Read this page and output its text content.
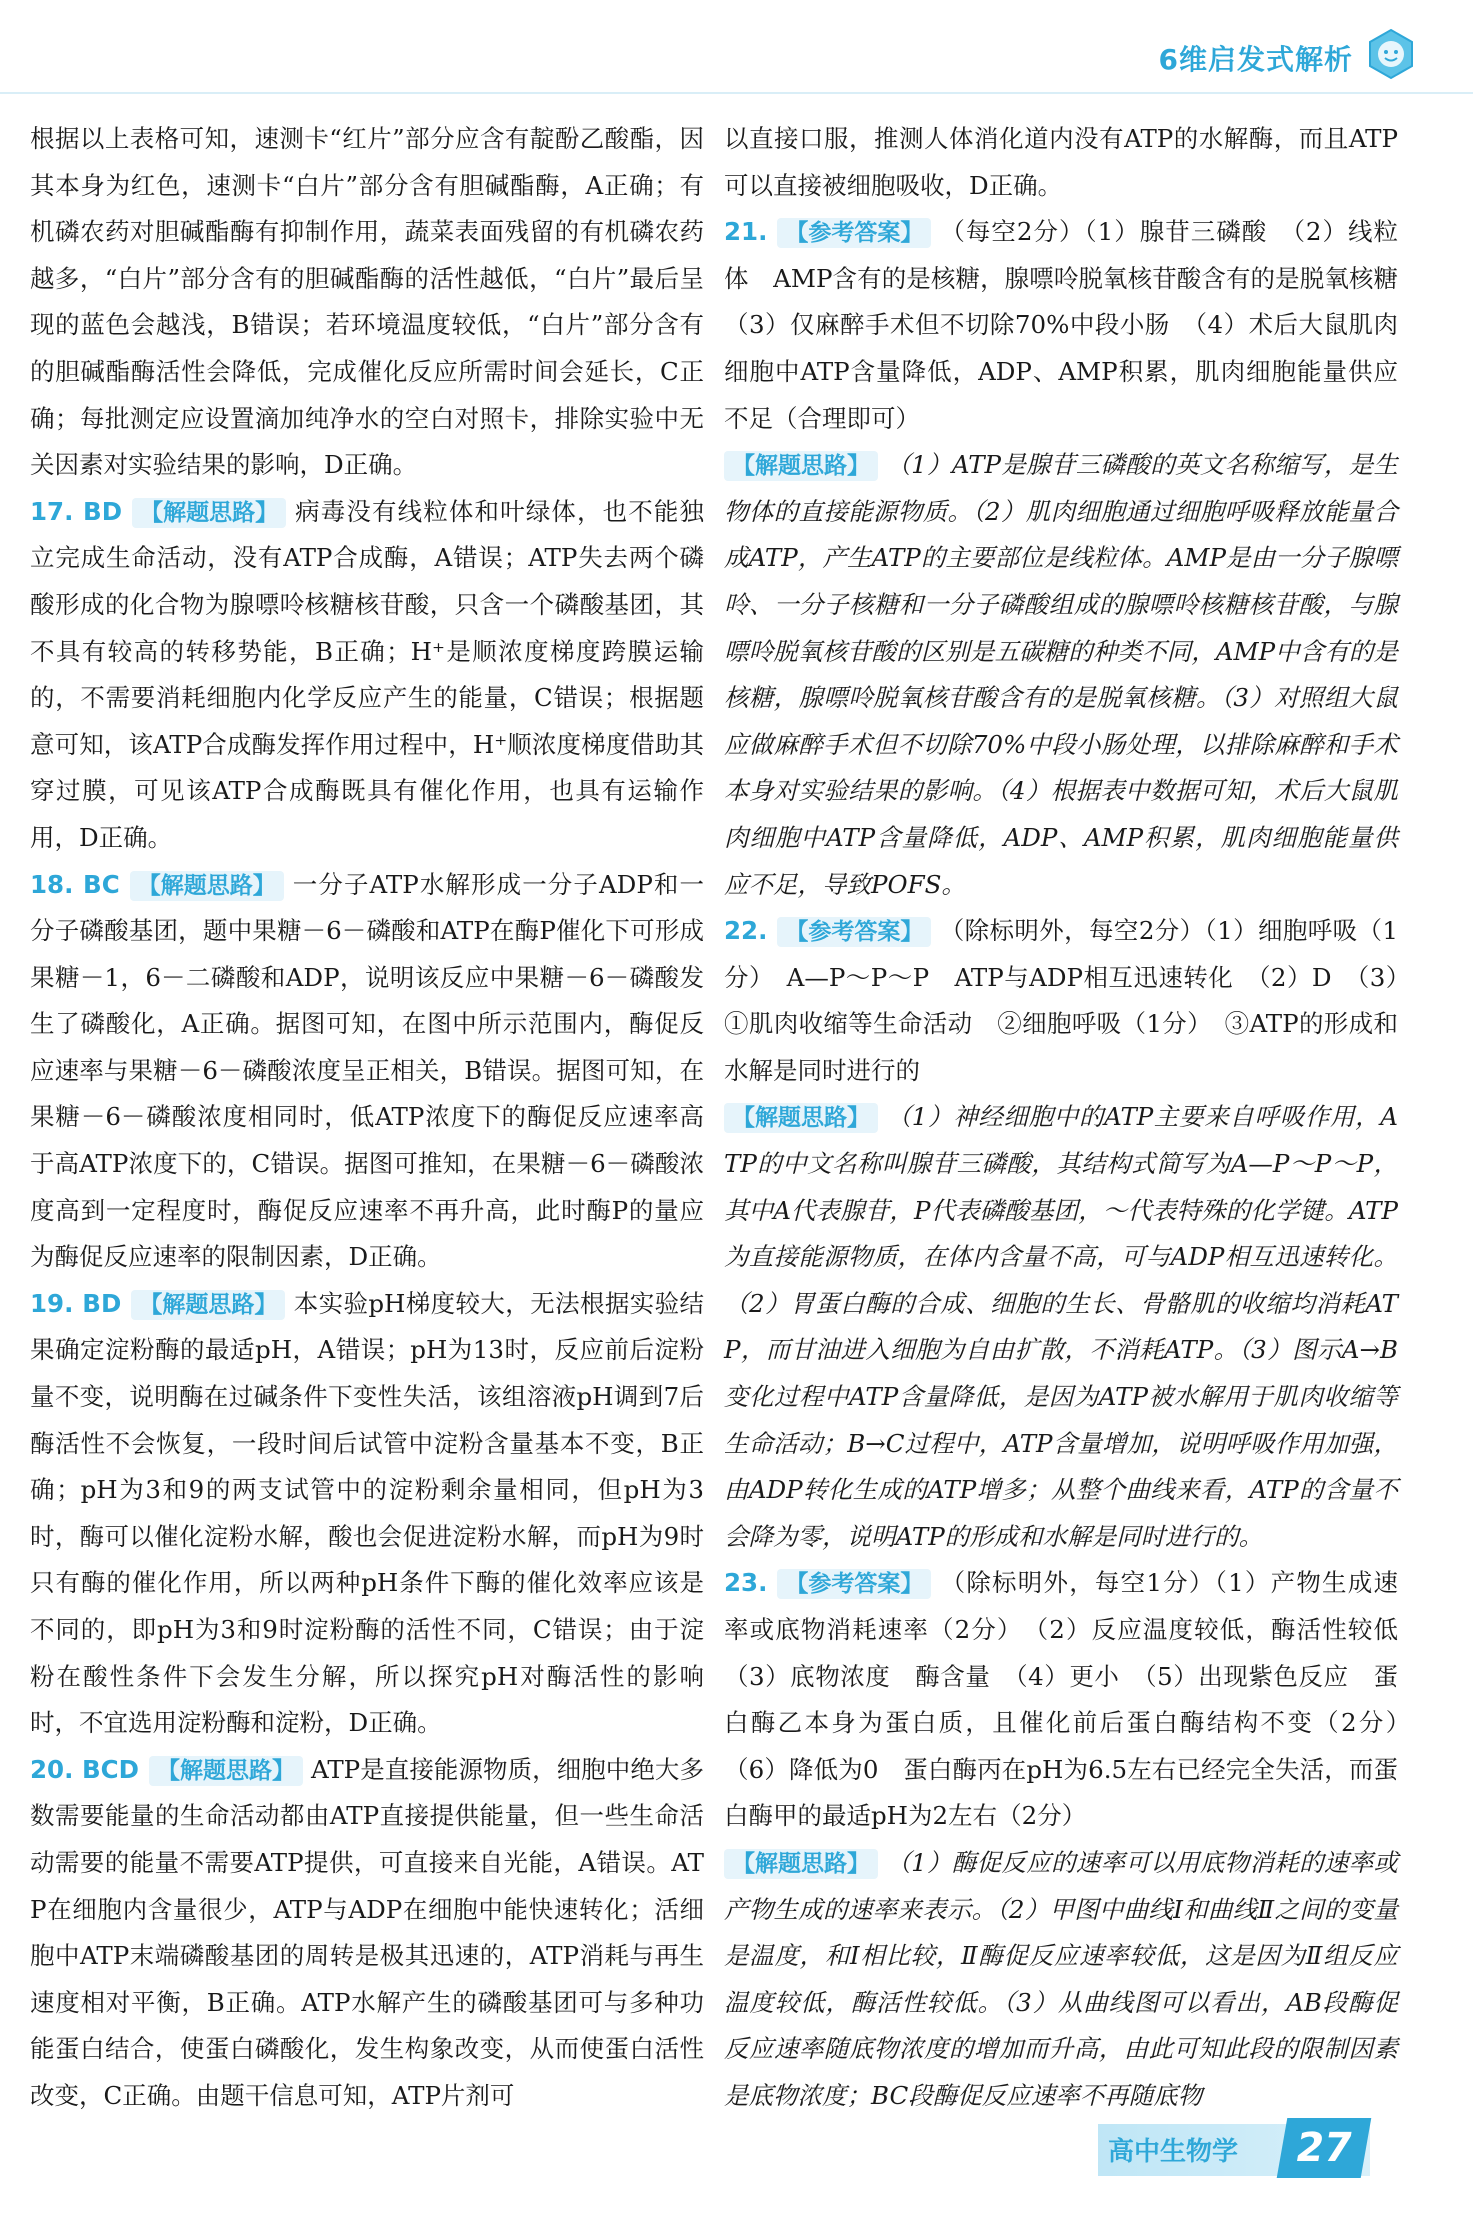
6维启发式解析

根据以上表格可知，速测卡“红片”部分应含有靛酚乙酸酯，因其本身为红色，速测卡“白片”部分含有胆碱酯酶，A正确；有机磷农药对胆碱酯酶有抑制作用，蔬菜表面残留的有机磷农药越多，“白片”部分含有的胆碱酯酶的活性越低，“白片”最后呈现的蓝色会越浅，B错误；若环境温度较低，“白片”部分含有的胆碱酯酶活性会降低，完成催化反应所需时间会延长，C正确；每批测定应设置滴加纯净水的空白对照卡，排除实验中无关因素对实验结果的影响，D正确。

17. BD 【解题思路】 病毒没有线粒体和叶绿体，也不能独立完成生命活动，没有ATP合成酶，A错误；ATP失去两个磷酸形成的化合物为腺嘌呤核糖核苷酸，只含一个磷酸基团，其不具有较高的转移势能，B正确；H⁺是顺浓度梯度跨膜运输的，不需要消耗细胞内化学反应产生的能量，C错误；根据题意可知，该ATP合成酶发挥作用过程中，H⁺顺浓度梯度借助其穿过膜，可见该ATP合成酶既具有催化作用，也具有运输作用，D正确。

18. BC 【解题思路】 一分子ATP水解形成一分子ADP和一分子磷酸基团，题中果糖－6－磷酸和ATP在酶P催化下可形成果糖－1，6－二磷酸和ADP，说明该反应中果糖－6－磷酸发生了磷酸化，A正确。据图可知，在图中所示范围内，酶促反应速率与果糖－6－磷酸浓度呈正相关，B错误。据图可知，在果糖－6－磷酸浓度相同时，低ATP浓度下的酶促反应速率高于高ATP浓度下的，C错误。据图可推知，在果糖－6－磷酸浓度高到一定程度时，酶促反应速率不再升高，此时酶P的量应为酶促反应速率的限制因素，D正确。

19. BD 【解题思路】 本实验pH梯度较大，无法根据实验结果确定淀粉酶的最适pH，A错误；pH为13时，反应前后淀粉量不变，说明酶在过碱条件下变性失活，该组溶液pH调到7后酶活性不会恢复，一段时间后试管中淀粉含量基本不变，B正确；pH为3和9的两支试管中的淀粉剩余量相同，但pH为3时，酶可以催化淀粉水解，酸也会促进淀粉水解，而pH为9时只有酶的催化作用，所以两种pH条件下酶的催化效率应该是不同的，即pH为3和9时淀粉酶的活性不同，C错误；由于淀粉在酸性条件下会发生分解，所以探究pH对酶活性的影响时，不宜选用淀粉酶和淀粉，D正确。

20. BCD 【解题思路】 ATP是直接能源物质，细胞中绝大多数需要能量的生命活动都由ATP直接提供能量，但一些生命活动需要的能量不需要ATP提供，可直接来自光能，A错误。ATP在细胞内含量很少，ATP与ADP在细胞中能快速转化；活细胞中ATP末端磷酸基团的周转是极其迅速的，ATP消耗与再生速度相对平衡，B正确。ATP水解产生的磷酸基团可与多种功能蛋白结合，使蛋白磷酸化，发生构象改变，从而使蛋白活性改变，C正确。由题干信息可知，ATP片剂可

以直接口服，推测人体消化道内没有ATP的水解酶，而且ATP可以直接被细胞吸收，D正确。

21. 【参考答案】 （每空2分）（1）腺苷三磷酸　（2）线粒体　AMP含有的是核糖，腺嘌呤脱氧核苷酸含有的是脱氧核糖　（3）仅麻醉手术但不切除70%中段小肠　（4）术后大鼠肌肉细胞中ATP含量降低，ADP、AMP积累，肌肉细胞能量供应不足（合理即可）

【解题思路】 （1）ATP是腺苷三磷酸的英文名称缩写，是生物体的直接能源物质。（2）肌肉细胞通过细胞呼吸释放能量合成ATP，产生ATP的主要部位是线粒体。AMP是由一分子腺嘌呤、一分子核糖和一分子磷酸组成的腺嘌呤核糖核苷酸，与腺嘌呤脱氧核苷酸的区别是五碳糖的种类不同，AMP中含有的是核糖，腺嘌呤脱氧核苷酸含有的是脱氧核糖。（3）对照组大鼠应做麻醉手术但不切除70%中段小肠处理，以排除麻醉和手术本身对实验结果的影响。（4）根据表中数据可知，术后大鼠肌肉细胞中ATP含量降低，ADP、AMP积累，肌肉细胞能量供应不足，导致POFS。

22. 【参考答案】 （除标明外，每空2分）（1）细胞呼吸（1分）　A—P～P～P　ATP与ADP相互迅速转化　（2）D　（3）①肌肉收缩等生命活动　②细胞呼吸（1分）　③ATP的形成和水解是同时进行的

【解题思路】 （1）神经细胞中的ATP主要来自呼吸作用，ATP的中文名称叫腺苷三磷酸，其结构式简写为A—P～P～P，其中A代表腺苷，P代表磷酸基团，～代表特殊的化学键。ATP为直接能源物质，在体内含量不高，可与ADP相互迅速转化。（2）胃蛋白酶的合成、细胞的生长、骨骼肌的收缩均消耗ATP，而甘油进入细胞为自由扩散，不消耗ATP。（3）图示A→B变化过程中ATP含量降低，是因为ATP被水解用于肌肉收缩等生命活动；B→C过程中，ATP含量增加，说明呼吸作用加强，由ADP转化生成的ATP增多；从整个曲线来看，ATP的含量不会降为零，说明ATP的形成和水解是同时进行的。

23. 【参考答案】 （除标明外，每空1分）（1）产物生成速率或底物消耗速率（2分）　（2）反应温度较低，酶活性较低　（3）底物浓度　酶含量　（4）更小　（5）出现紫色反应　蛋白酶乙本身为蛋白质，且催化前后蛋白酶结构不变（2分）　（6）降低为0　蛋白酶丙在pH为6.5左右已经完全失活，而蛋白酶甲的最适pH为2左右（2分）

【解题思路】 （1）酶促反应的速率可以用底物消耗的速率或产物生成的速率来表示。（2）甲图中曲线Ⅰ和曲线Ⅱ之间的变量是温度，和Ⅰ相比较，Ⅱ酶促反应速率较低，这是因为Ⅱ组反应温度较低，酶活性较低。（3）从曲线图可以看出，AB段酶促反应速率随底物浓度的增加而升高，由此可知此段的限制因素是底物浓度；BC段酶促反应速率不再随底物

高中生物学	27
